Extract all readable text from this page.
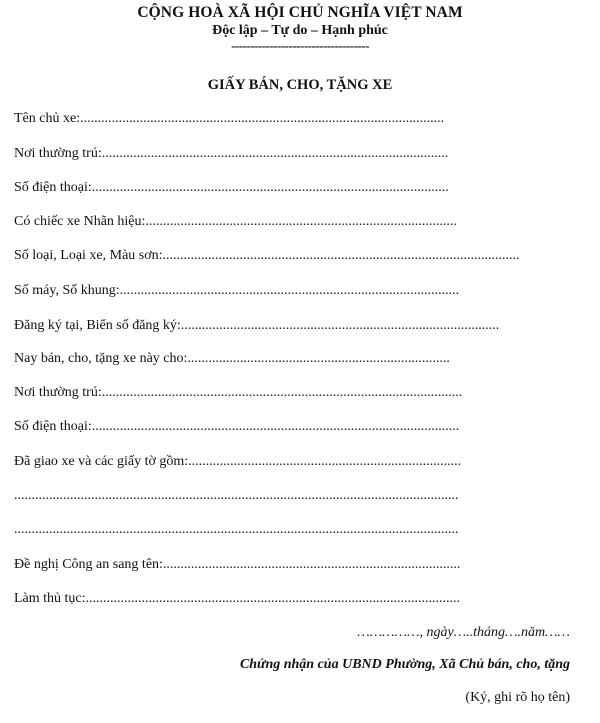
CỘNG HOÀ XÃ HỘI CHỦ NGHĨA VIỆT NAM
Độc lập – Tự do – Hạnh phúc
------------------------------------
GIẤY BÁN, CHO, TẶNG XE
Tên chủ xe:........................................................................................................
Nơi thường trú:...................................................................................................
Số điện thoại:......................................................................................................
Có chiếc xe Nhãn hiệu:.........................................................................................
Số loại, Loại xe, Màu sơn:......................................................................................................
Số máy, Số khung:.................................................................................................
Đăng ký tại, Biển số đăng ký:...........................................................................................
Nay bán, cho, tặng xe này cho:...........................................................................
Nơi thường trú:.......................................................................................................
Số điện thoại:.........................................................................................................
Đã giao xe và các giấy tờ gồm:..............................................................................
...............................................................................................................................
...............................................................................................................................
Đề nghị Công an sang tên:.....................................................................................
Làm thủ tục:...........................................................................................................
……………, ngày…..tháng….năm……
Chứng nhận của UBND Phường, Xã Chủ bán, cho, tặng
(Ký, ghi rõ họ tên)
